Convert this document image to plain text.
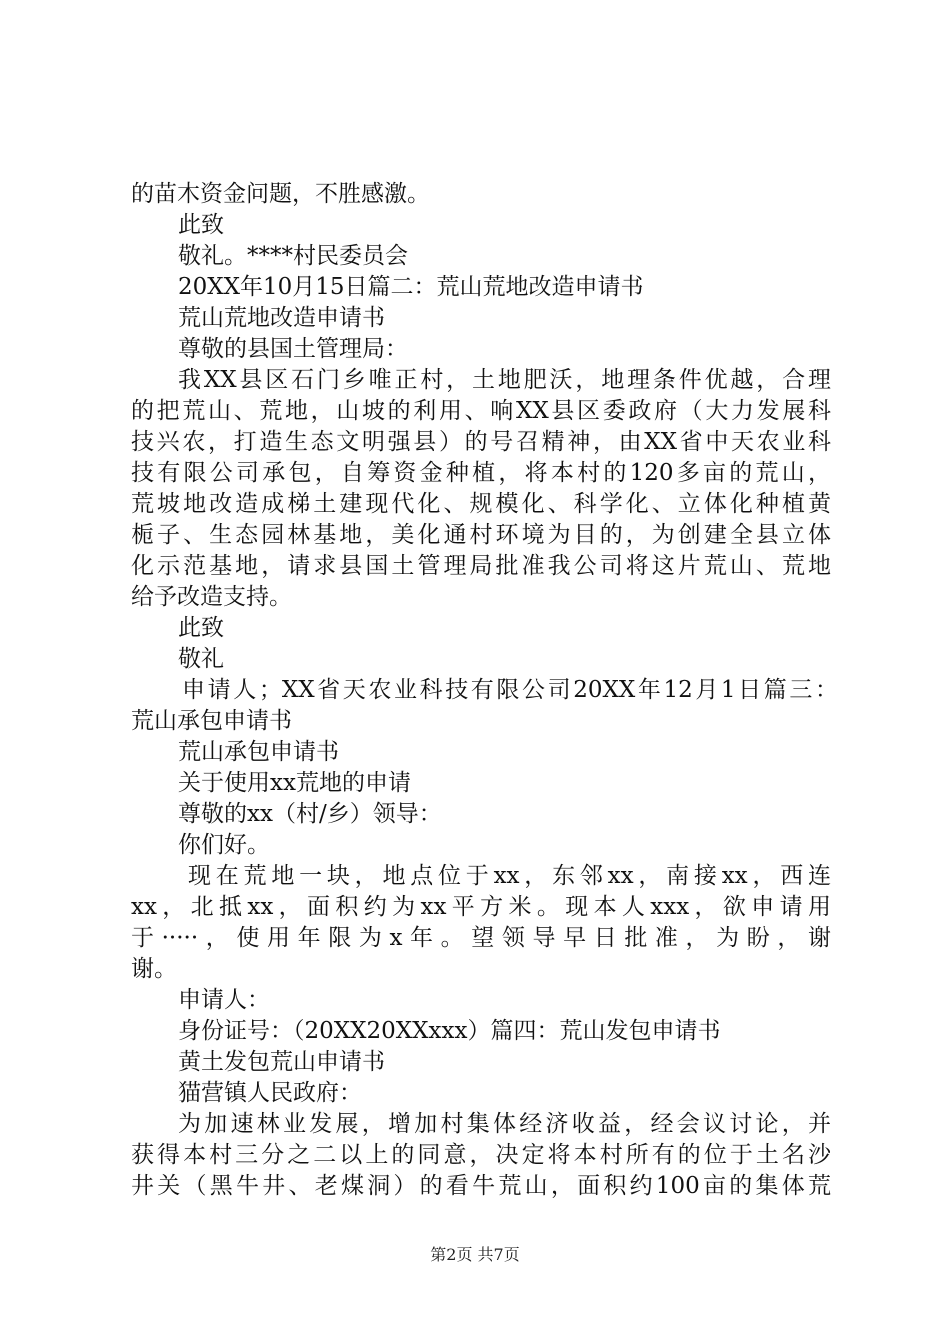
的苗木资金问题，不胜感激。
此致
敬礼。****村民委员会
20XX年10月15日篇二：荒山荒地改造申请书
荒山荒地改造申请书
尊敬的县国土管理局：
我XX县区石门乡唯正村，土地肥沃，地理条件优越，合理
的把荒山、荒地，山坡的利用、响XX县区委政府（大力发展科
技兴农，打造生态文明强县）的号召精神，由XX省中天农业科
技有限公司承包，自筹资金种植，将本村的120多亩的荒山，
荒坡地改造成梯土建现代化、规模化、科学化、立体化种植黄
栀子、生态园林基地，美化通村环境为目的，为创建全县立体
化示范基地，请求县国土管理局批准我公司将这片荒山、荒地
给予改造支持。
此致
敬礼
申请人；XX省天农业科技有限公司20XX年12月1日篇三：
荒山承包申请书
荒山承包申请书
关于使用xx荒地的申请
尊敬的xx（村/乡）领导：
你们好。
现在荒地一块，地点位于xx，东邻xx，南接xx，西连
xx，北抵xx，面积约为xx平方米。现本人xxx，欲申请用
于·····，使用年限为x年。望领导早日批准，为盼，谢
谢。
申请人：
身份证号：（20XX20XXxxx）篇四：荒山发包申请书
黄土发包荒山申请书
猫营镇人民政府：
为加速林业发展，增加村集体经济收益，经会议讨论，并
获得本村三分之二以上的同意，决定将本村所有的位于土名沙
井关（黑牛井、老煤洞）的看牛荒山，面积约100亩的集体荒
第2页 共7页
